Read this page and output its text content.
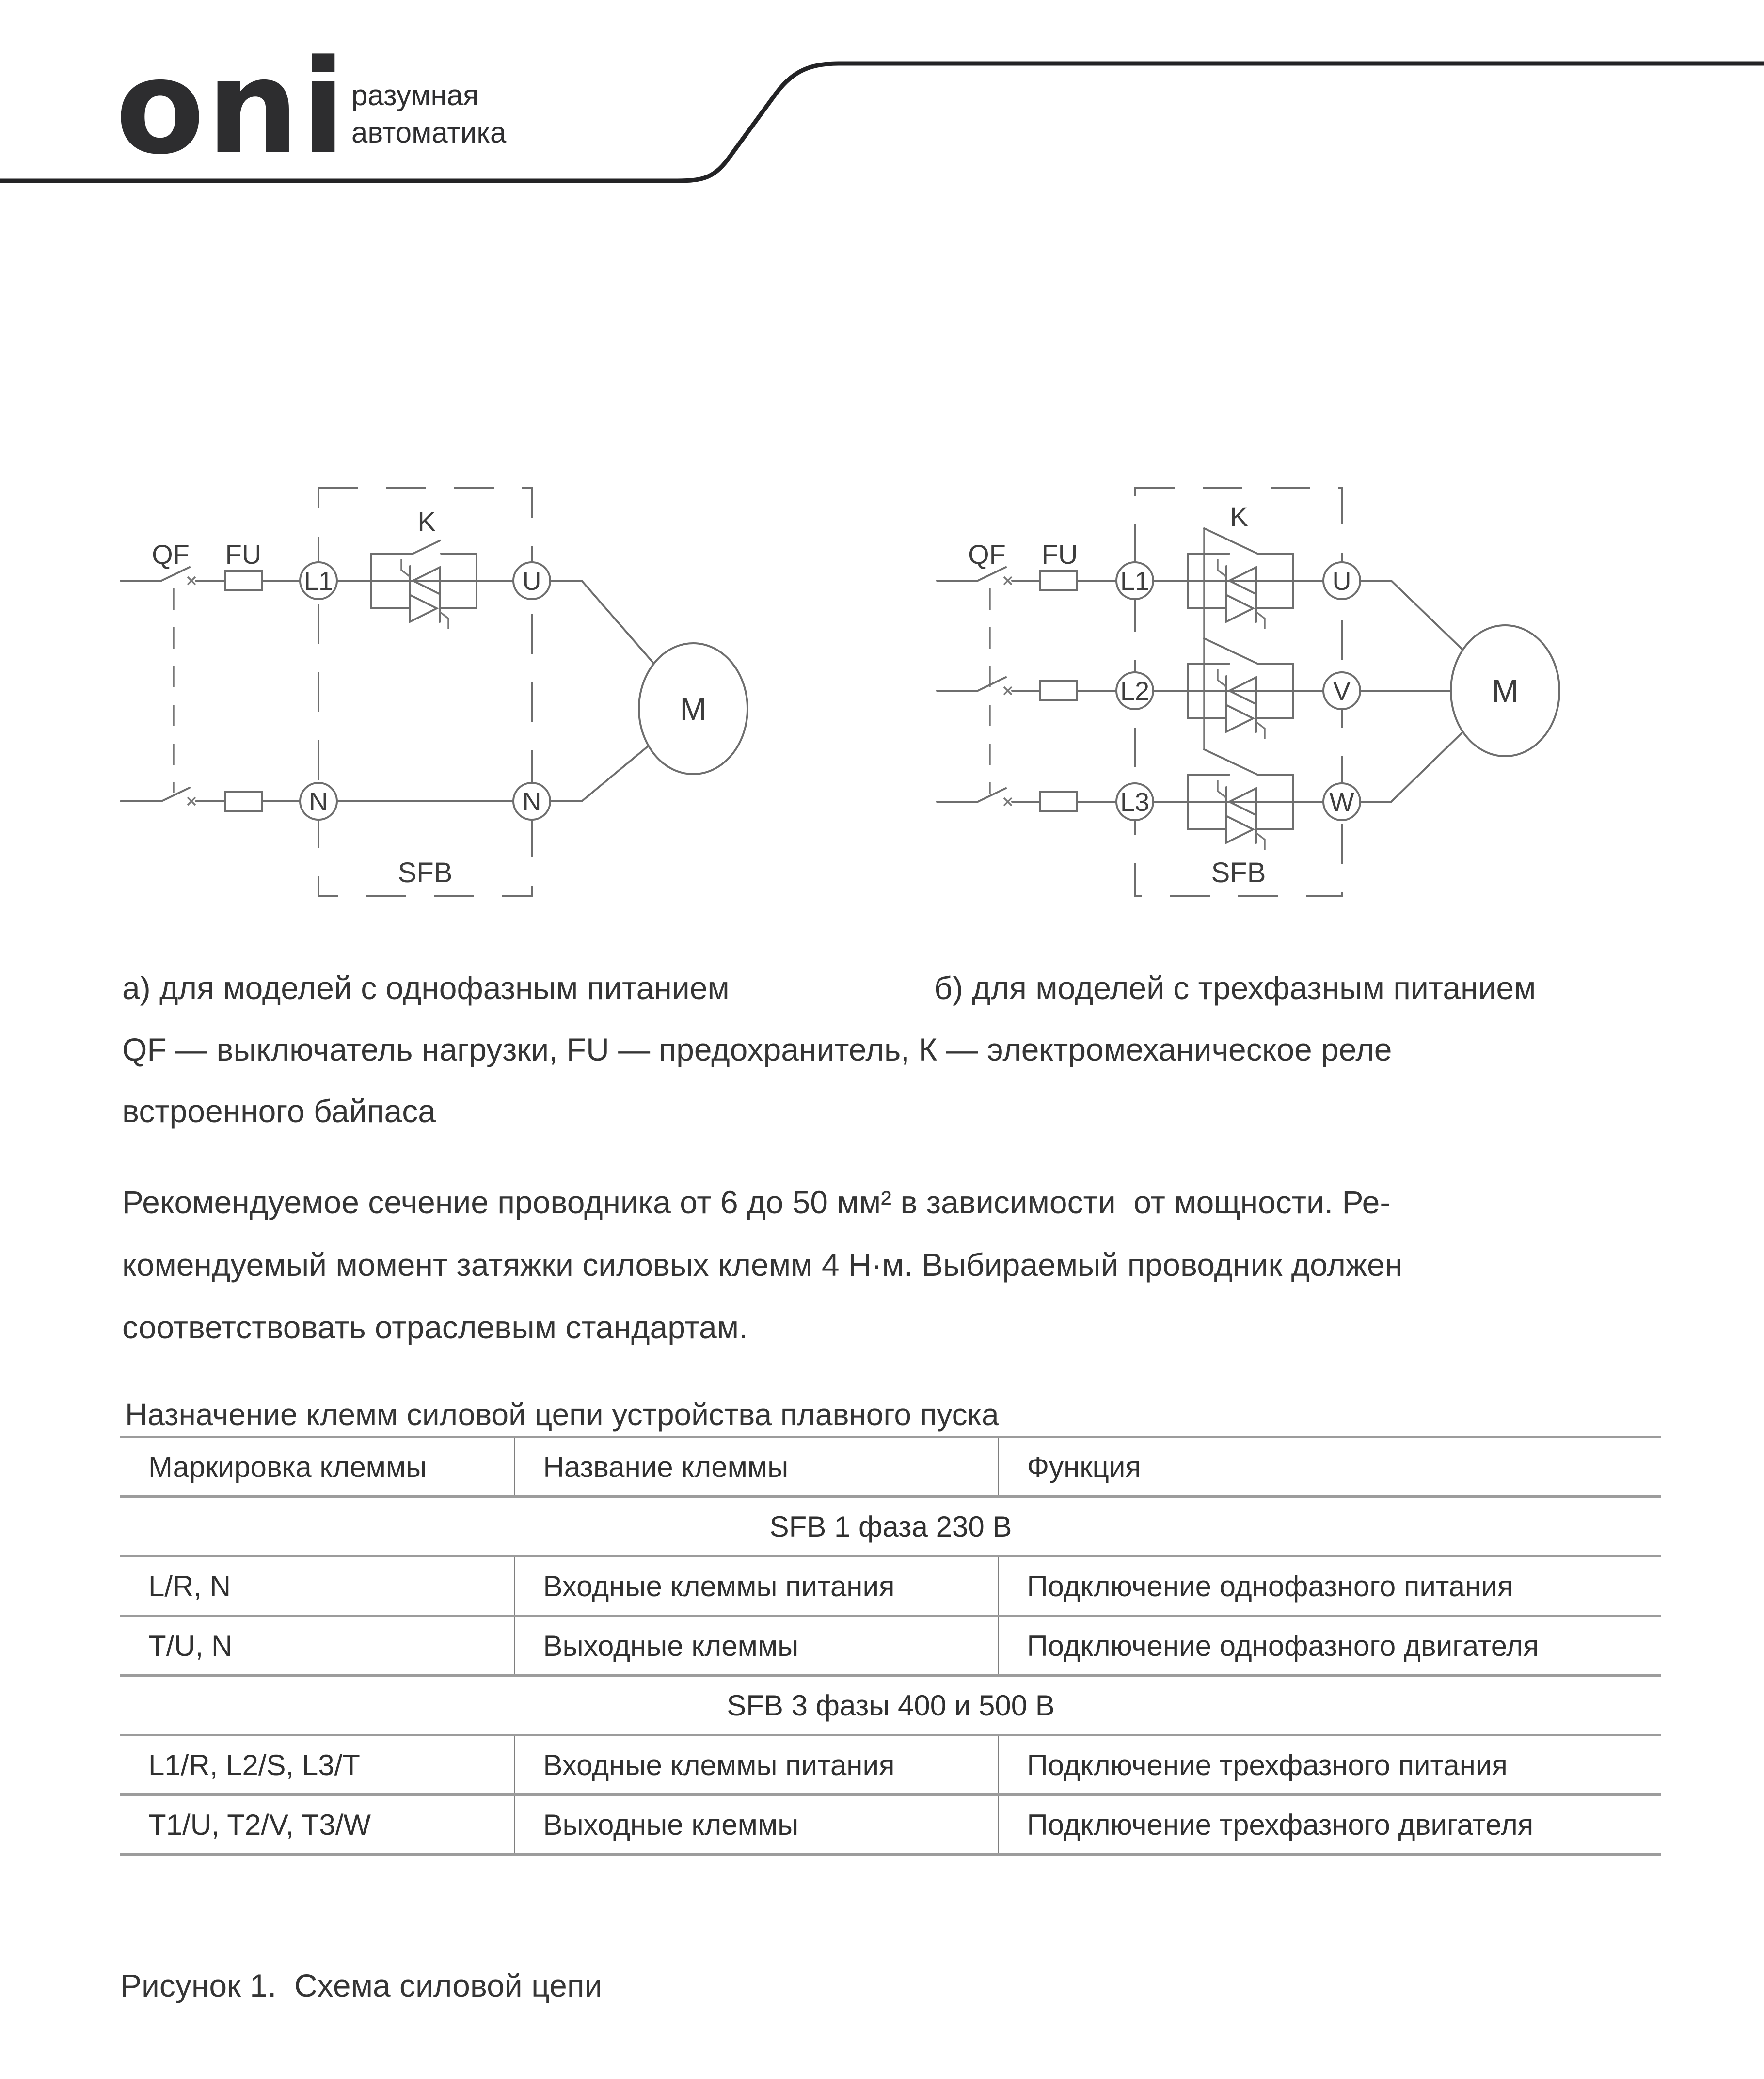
oni разумная
автоматика
QF FU
K
L1
N
U
N
M
SFB
QF FU
K
L1
L2
L3
U
V
W
M
SFB
а) для моделей с однофазным питанием	б) для моделей с трехфазным питанием
QF — выключатель нагрузки, FU — предохранитель, К — электромеханическое реле
встроенного байпаса
Рекомендуемое сечение проводника от 6 до 50 мм² в зависимости  от мощности. Ре-
комендуемый момент затяжки силовых клемм 4 Н·м. Выбираемый проводник должен
соответствовать отраслевым стандартам.
Назначение клемм силовой цепи устройства плавного пуска
Маркировка клеммы	Название клеммы	Функция
SFB 1 фаза 230 В		
L/R, N	Входные клеммы питания	Подключение однофазного питания
T/U, N	Выходные клеммы	Подключение однофазного двигателя
SFB 3 фазы 400 и 500 В		
L1/R, L2/S, L3/T	Входные клеммы питания	Подключение трехфазного питания
T1/U, T2/V, T3/W	Выходные клеммы	Подключение трехфазного двигателя
Рисунок 1.  Схема силовой цепи
